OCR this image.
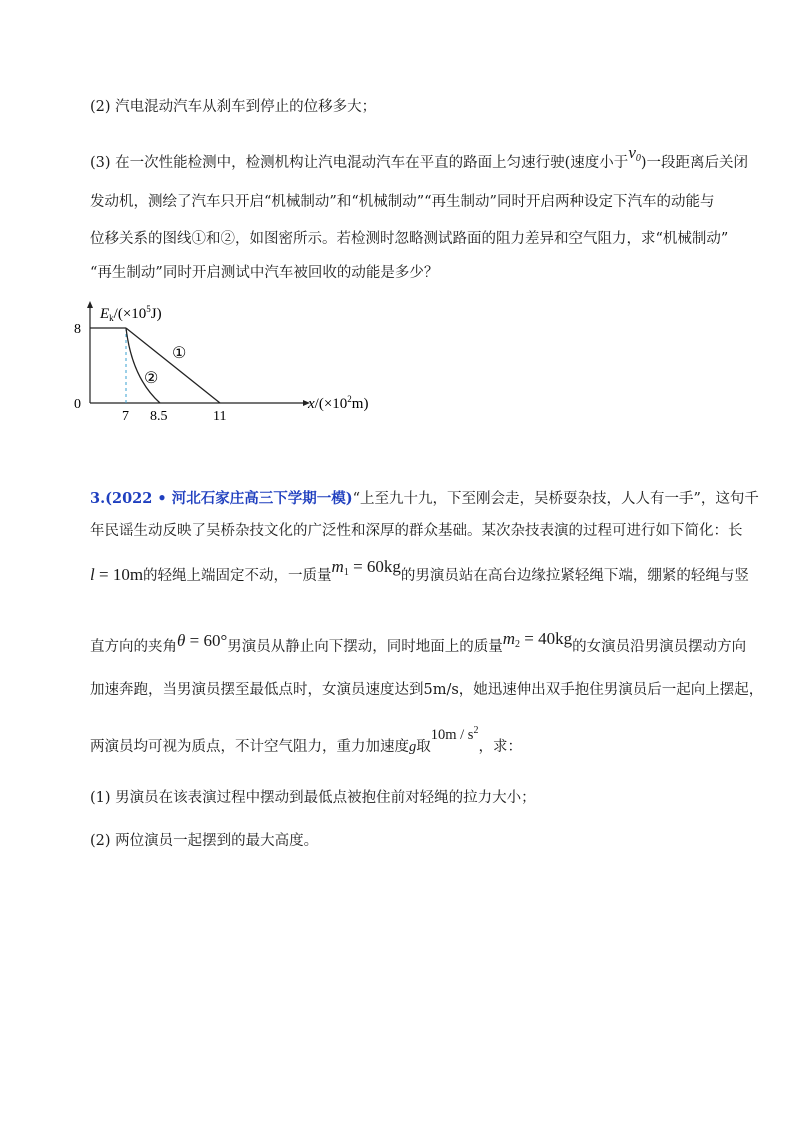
(2) 汽电混动汽车从刹车到停止的位移多大；
(3) 在一次性能检测中，检测机构让汽电混动汽车在平直的路面上匀速行驶(速度小于$v_0$)一段距离后关闭
发动机，测绘了汽车只开启“机械制动”和“机械制动”“再生制动”同时开启两种设定下汽车的动能与
位移关系的图线①和②，如图密所示。若检测时忽略测试路面的阻力差异和空气阻力，求“机械制动”
“再生制动”同时开启测试中汽车被回收的动能是多少？
$E_k/(\times 10^5J)$
$x/(\times 10^2m)$
8
0
7 8.5	11
①
②
3.(2022 • 河北石家庄高三下学期一模)“上至九十九，下至刚会走，吴桥耍杂技，人人有一手”，这句千
年民谣生动反映了吴桥杂技文化的广泛性和深厚的群众基础。某次杂技表演的过程可进行如下简化：长
l = 10m的轻绳上端固定不动，一质量$m_1 = 60kg$的男演员站在高台边缘拉紧轻绳下端，绷紧的轻绳与竖
直方向的夹角θ = 60°男演员从静止向下摆动，同时地面上的质量$m_2 = 40kg$的女演员沿男演员摆动方向
加速奔跑，当男演员摆至最低点时，女演员速度达到5m/s，她迅速伸出双手抱住男演员后一起向上摆起，
两演员均可视为质点，不计空气阻力，重力加速度g取$10m / s^2$，求：
(1) 男演员在该表演过程中摆动到最低点被抱住前对轻绳的拉力大小；
(2) 两位演员一起摆到的最大高度。
